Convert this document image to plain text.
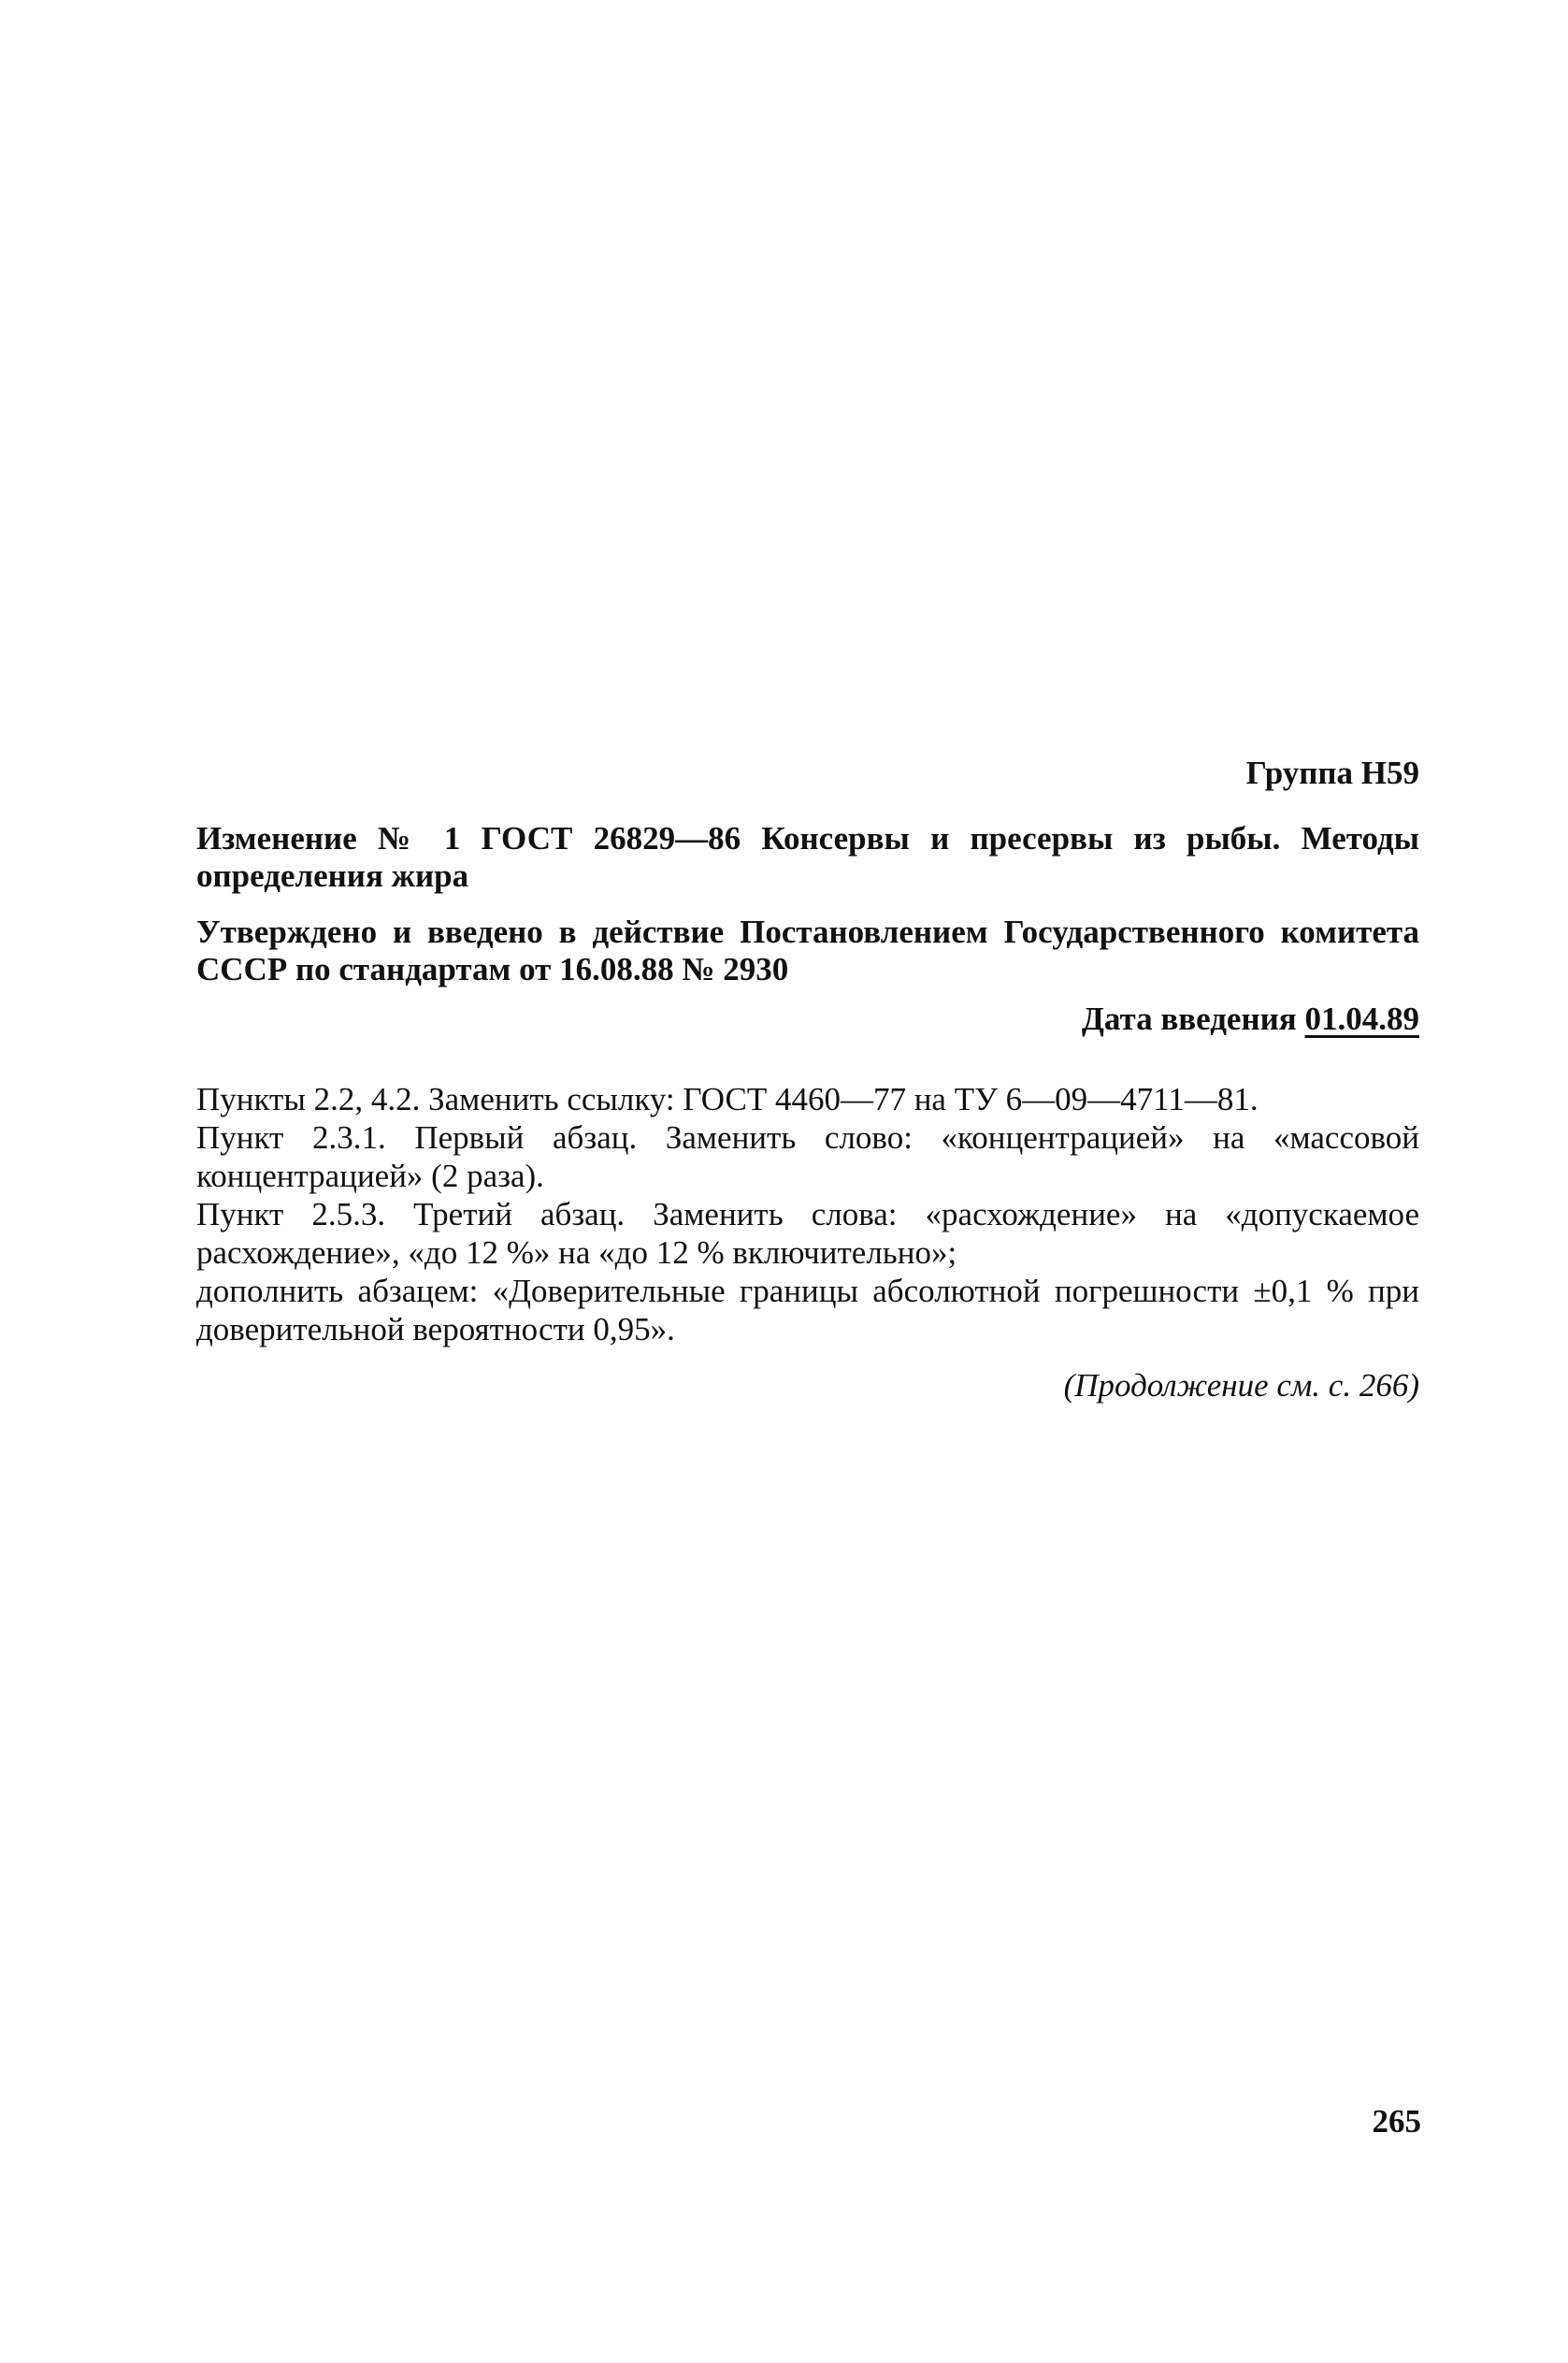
Группа Н59

Изменение № 1 ГОСТ 26829—86 Консервы и пресервы из рыбы. Методы определения жира

Утверждено и введено в действие Постановлением Государственного комитета СССР по стандартам от 16.08.88 № 2930

Дата введения 01.04.89

Пункты 2.2, 4.2. Заменить ссылку: ГОСТ 4460—77 на ТУ 6—09—4711—81.

Пункт 2.3.1. Первый абзац. Заменить слово: «концентрацией» на «массовой концентрацией» (2 раза).

Пункт 2.5.3. Третий абзац. Заменить слова: «расхождение» на «допускаемое расхождение», «до 12 %» на «до 12 % включительно»;

дополнить абзацем: «Доверительные границы абсолютной погрешности ±0,1 % при доверительной вероятности 0,95».

(Продолжение см. с. 266)
265
